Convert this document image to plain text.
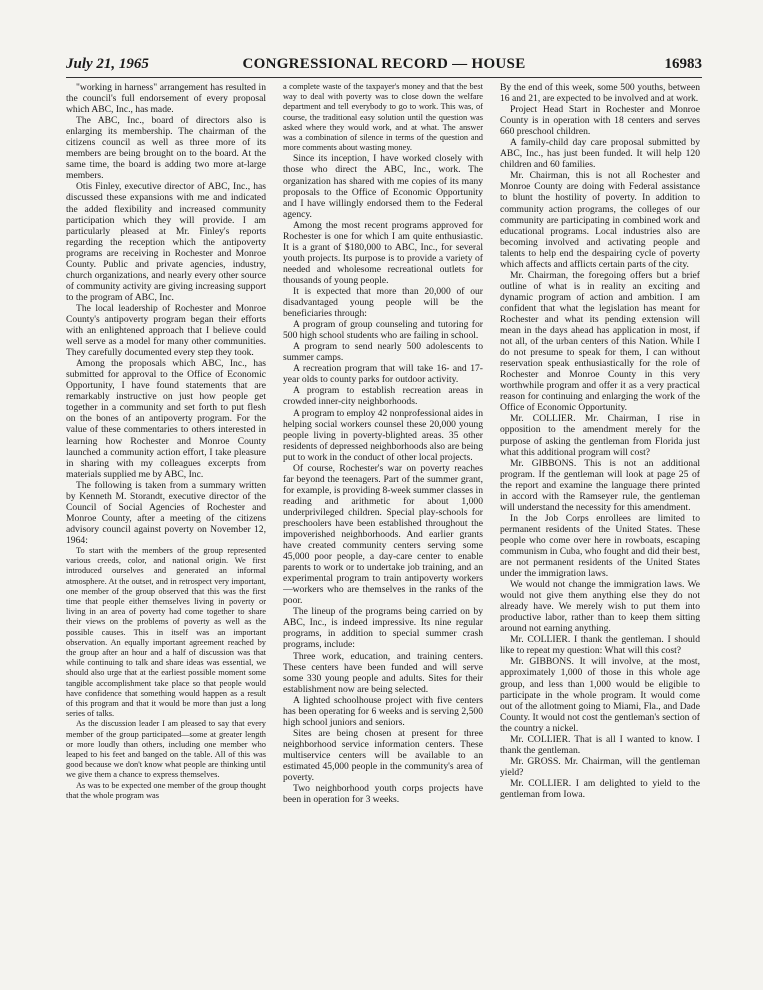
July 21, 1965	CONGRESSIONAL RECORD — HOUSE	16983

"working in harness" arrangement has resulted in the council's full endorsement of every proposal which ABC, Inc., has made.

The ABC, Inc., board of directors also is enlarging its membership. The chairman of the citizens council as well as three more of its members are being brought on to the board. At the same time, the board is adding two more at-large members.

Otis Finley, executive director of ABC, Inc., has discussed these expansions with me and indicated the added flexibility and increased community participation which they will provide. I am particularly pleased at Mr. Finley's reports regarding the reception which the antipoverty programs are receiving in Rochester and Monroe County. Public and private agencies, industry, church organizations, and nearly every other source of community activity are giving increasing support to the program of ABC, Inc.

The local leadership of Rochester and Monroe County's antipoverty program began their efforts with an enlightened approach that I believe could well serve as a model for many other communities. They carefully documented every step they took.

Among the proposals which ABC, Inc., has submitted for approval to the Office of Economic Opportunity, I have found statements that are remarkably instructive on just how people get together in a community and set forth to put flesh on the bones of an antipoverty program. For the value of these commentaries to others interested in learning how Rochester and Monroe County launched a community action effort, I take pleasure in sharing with my colleagues excerpts from materials supplied me by ABC, Inc.

The following is taken from a summary written by Kenneth M. Storandt, executive director of the Council of Social Agencies of Rochester and Monroe County, after a meeting of the citizens advisory council against poverty on November 12, 1964:

To start with the members of the group represented various creeds, color, and national origin. We first introduced ourselves and generated an informal atmosphere. At the outset, and in retrospect very important, one member of the group observed that this was the first time that people either themselves living in poverty or living in an area of poverty had come together to share their views on the problems of poverty as well as the possible causes. This in itself was an important observation. An equally important agreement reached by the group after an hour and a half of discussion was that while continuing to talk and share ideas was essential, we should also urge that at the earliest possible moment some tangible accomplishment take place so that people would have confidence that something would happen as a result of this program and that it would be more than just a long series of talks.

As the discussion leader I am pleased to say that every member of the group participated—some at greater length or more loudly than others, including one member who leaped to his feet and banged on the table. All of this was good because we don't know what people are thinking until we give them a chance to express themselves.

As was to be expected one member of the group thought that the whole program was

a complete waste of the taxpayer's money and that the best way to deal with poverty was to close down the welfare department and tell everybody to go to work. This was, of course, the traditional easy solution until the question was asked where they would work, and at what. The answer was a combination of silence in terms of the question and more comments about wasting money.

Since its inception, I have worked closely with those who direct the ABC, Inc., work. The organization has shared with me copies of its many proposals to the Office of Economic Opportunity and I have willingly endorsed them to the Federal agency.

Among the most recent programs approved for Rochester is one for which I am quite enthusiastic. It is a grant of $180,000 to ABC, Inc., for several youth projects. Its purpose is to provide a variety of needed and wholesome recreational outlets for thousands of young people.

It is expected that more than 20,000 of our disadvantaged young people will be the beneficiaries through:

A program of group counseling and tutoring for 500 high school students who are failing in school.

A program to send nearly 500 adolescents to summer camps.

A recreation program that will take 16- and 17-year olds to county parks for outdoor activity.

A program to establish recreation areas in crowded inner-city neighborhoods.

A program to employ 42 nonprofessional aides in helping social workers counsel these 20,000 young people living in poverty-blighted areas. 35 other residents of depressed neighborhoods also are being put to work in the conduct of other local projects.

Of course, Rochester's war on poverty reaches far beyond the teenagers. Part of the summer grant, for example, is providing 8-week summer classes in reading and arithmetic for about 1,000 underprivileged children. Special play-schools for preschoolers have been established throughout the impoverished neighborhoods. And earlier grants have created community centers serving some 45,000 poor people, a day-care center to enable parents to work or to undertake job training, and an experimental program to train antipoverty workers—workers who are themselves in the ranks of the poor.

The lineup of the programs being carried on by ABC, Inc., is indeed impressive. Its nine regular programs, in addition to special summer crash programs, include:

Three work, education, and training centers. These centers have been funded and will serve some 330 young people and adults. Sites for their establishment now are being selected.

A lighted schoolhouse project with five centers has been operating for 6 weeks and is serving 2,500 high school juniors and seniors.

Sites are being chosen at present for three neighborhood service information centers. These multiservice centers will be available to an estimated 45,000 people in the community's area of poverty.

Two neighborhood youth corps projects have been in operation for 3 weeks.

By the end of this week, some 500 youths, between 16 and 21, are expected to be involved and at work.

Project Head Start in Rochester and Monroe County is in operation with 18 centers and serves 660 preschool children.

A family-child day care proposal submitted by ABC, Inc., has just been funded. It will help 120 children and 60 families.

Mr. Chairman, this is not all Rochester and Monroe County are doing with Federal assistance to blunt the hostility of poverty. In addition to community action programs, the colleges of our community are participating in combined work and educational programs. Local industries also are becoming involved and activating people and talents to help end the despairing cycle of poverty which affects and afflicts certain parts of the city.

Mr. Chairman, the foregoing offers but a brief outline of what is in reality an exciting and dynamic program of action and ambition. I am confident that what the legislation has meant for Rochester and what its pending extension will mean in the days ahead has application in most, if not all, of the urban centers of this Nation. While I do not presume to speak for them, I can without reservation speak enthusiastically for the role of Rochester and Monroe County in this very worthwhile program and offer it as a very practical reason for continuing and enlarging the work of the Office of Economic Opportunity.

Mr. COLLIER. Mr. Chairman, I rise in opposition to the amendment merely for the purpose of asking the gentleman from Florida just what this additional program will cost?

Mr. GIBBONS. This is not an additional program. If the gentleman will look at page 25 of the report and examine the language there printed in accord with the Ramseyer rule, the gentleman will understand the necessity for this amendment.

In the Job Corps enrollees are limited to permanent residents of the United States. These people who come over here in rowboats, escaping communism in Cuba, who fought and did their best, are not permanent residents of the United States under the immigration laws.

We would not change the immigration laws. We would not give them anything else they do not already have. We merely wish to put them into productive labor, rather than to keep them sitting around not earning anything.

Mr. COLLIER. I thank the gentleman. I should like to repeat my question: What will this cost?

Mr. GIBBONS. It will involve, at the most, approximately 1,000 of those in this whole age group, and less than 1,000 would be eligible to participate in the whole program. It would come out of the allotment going to Miami, Fla., and Dade County. It would not cost the gentleman's section of the country a nickel.

Mr. COLLIER. That is all I wanted to know. I thank the gentleman.

Mr. GROSS. Mr. Chairman, will the gentleman yield?

Mr. COLLIER. I am delighted to yield to the gentleman from Iowa.
